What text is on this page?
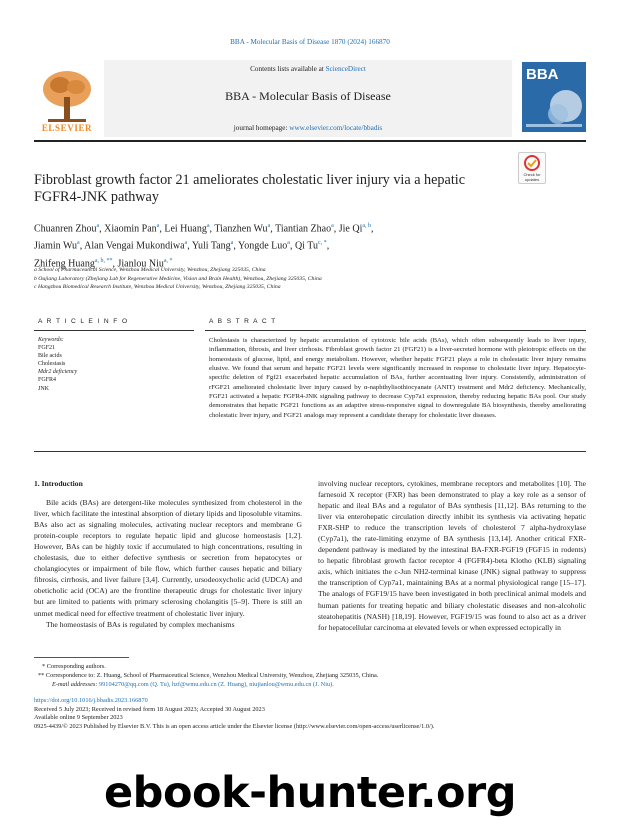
BBA - Molecular Basis of Disease 1870 (2024) 166870
Contents lists available at ScienceDirect
BBA - Molecular Basis of Disease
journal homepage: www.elsevier.com/locate/bbadis
ELSEVIER
BBA
Check for updates
Fibroblast growth factor 21 ameliorates cholestatic liver injury via a hepatic FGFR4-JNK pathway
Chuanren Zhou$^a$, Xiaomin Pan$^a$, Lei Huang$^a$, Tianzhen Wu$^a$, Tiantian Zhao$^a$, Jie Qi$^{a, b}$,
Jiamin Wu$^a$, Alan Vengai Mukondiwa$^a$, Yuli Tang$^a$, Yongde Luo$^a$, Qi $Tu^{c, *}$,
Zhifeng Huang$^{a, b, **}$, Jianlou Niu$^{a, *}$
a School of Pharmaceutical Science, Wenzhou Medical University, Wenzhou, Zhejiang 325035, China
b Oujiang Laboratory (Zhejiang Lab for Regenerative Medicine, Vision and Brain Health), Wenzhou, Zhejiang 325035, China
c Hangzhou Biomedical Research Institute, Wenzhou Medical University, Wenzhou, Zhejiang 325035, China
A R T I C L E I N F O	A B S T R A C T
Keywords:
FGF21
Bile acids
Cholestasis
Mdr2 deficiency
FGFR4
JNK
Cholestasis is characterized by hepatic accumulation of cytotoxic bile acids (BAs), which often subsequently leads to liver injury, inflammation, fibrosis, and liver cirrhosis. Fibroblast growth factor 21 (FGF21) is a liver-secreted hormone with pleiotropic effects on the homeostasis of glucose, lipid, and energy metabolism. However, whether hepatic FGF21 plays a role in cholestatic liver injury remains elusive. We found that serum and hepatic FGF21 levels were significantly increased in response to cholestatic liver injury. Hepatocyte-specific deletion of Fgf21 exacerbated hepatic accumulation of BAs, further accentuating liver injury. Consistently, administration of rFGF21 ameliorated cholestatic liver injury caused by α-naphthylisothiocyanate (ANIT) treatment and Mdr2 deficiency. Mechanically, FGF21 activated a hepatic FGFR4-JNK signaling pathway to decrease Cyp7a1 expression, thereby reducing hepatic BAs pool. Our study demonstrates that hepatic FGF21 functions as an adaptive stress-responsive signal to downregulate BA biosynthesis, thereby ameliorating cholestatic liver injury, and FGF21 analogs may represent a candidate therapy for cholestatic liver diseases.
1. Introduction
Bile acids (BAs) are detergent-like molecules synthesized from cholesterol in the liver, which facilitate the intestinal absorption of dietary lipids and liposoluble vitamins. BAs also act as signaling molecules, activating nuclear receptors and membrane G protein-couple receptors to regulate hepatic lipid and glucose homeostasis [1,2]. However, BAs can be highly toxic if accumulated to high concentrations, resulting in cholestasis, due to either defective synthesis or secretion from hepatocytes or cholangiocytes or impairment of bile flow, which further causes hepatic and biliary fibrosis, cirrhosis, and liver failure [3,4]. Currently, ursodeoxycholic acid (UDCA) and obeticholic acid (OCA) are the frontline therapeutic drugs for cholestatic liver injury but are limited to patients with primary sclerosing cholangitis [5–9]. There is still an unmet medical need for effective treatment of cholestatic liver injury.
The homeostasis of BAs is regulated by complex mechanisms
involving nuclear receptors, cytokines, membrane receptors and metabolites [10]. The farnesoid X receptor (FXR) has been demonstrated to play a key role as a sensor of hepatic and ileal BAs and a regulator of BAs synthesis [11,12]. BAs returning to the liver via enterohepatic circulation directly inhibit its synthesis via activating hepatic FXR-SHP to reduce the transcription levels of cholesterol 7 alpha-hydroxylase (Cyp7a1), the rate-limiting enzyme of BA synthesis [13,14]. Another critical FXR-dependent pathway is mediated by the intestinal BA-FXR-FGF19 (FGF15 in rodents) to hepatic fibroblast growth factor receptor 4 (FGFR4)-beta Klotho (KLB) signaling axis, which initiates the c-Jun NH2-terminal kinase (JNK) signal pathway to suppress the transcription of Cyp7a1, maintaining BAs at a normal physiological range [15–17]. The analogs of FGF19/15 have been investigated in both preclinical animal models and human patients for treating hepatic and biliary cholestatic diseases and non-alcoholic steatohepatitis (NASH) [18,19]. However, FGF19/15 was found to also act as a driver for hepatocellular carcinoma at elevated levels or when expressed ectopically in
* Corresponding authors.
** Correspondence to: Z. Huang, School of Pharmaceutical Science, Wenzhou Medical University, Wenzhou, Zhejiang 325035, China.
E-mail addresses: 99104270@qq.com (Q. Tu), hzf@wmu.edu.cn (Z. Huang), niujianlou@wmu.edu.cn (J. Niu).
https://doi.org/10.1016/j.bbadis.2023.166870
Received 5 July 2023; Received in revised form 18 August 2023; Accepted 30 August 2023
Available online 9 September 2023
0925-4439/© 2023 Published by Elsevier B.V. This is an open access article under the Elsevier license (http://www.elsevier.com/open-access/userlicense/1.0/).
ebook-hunter.org
